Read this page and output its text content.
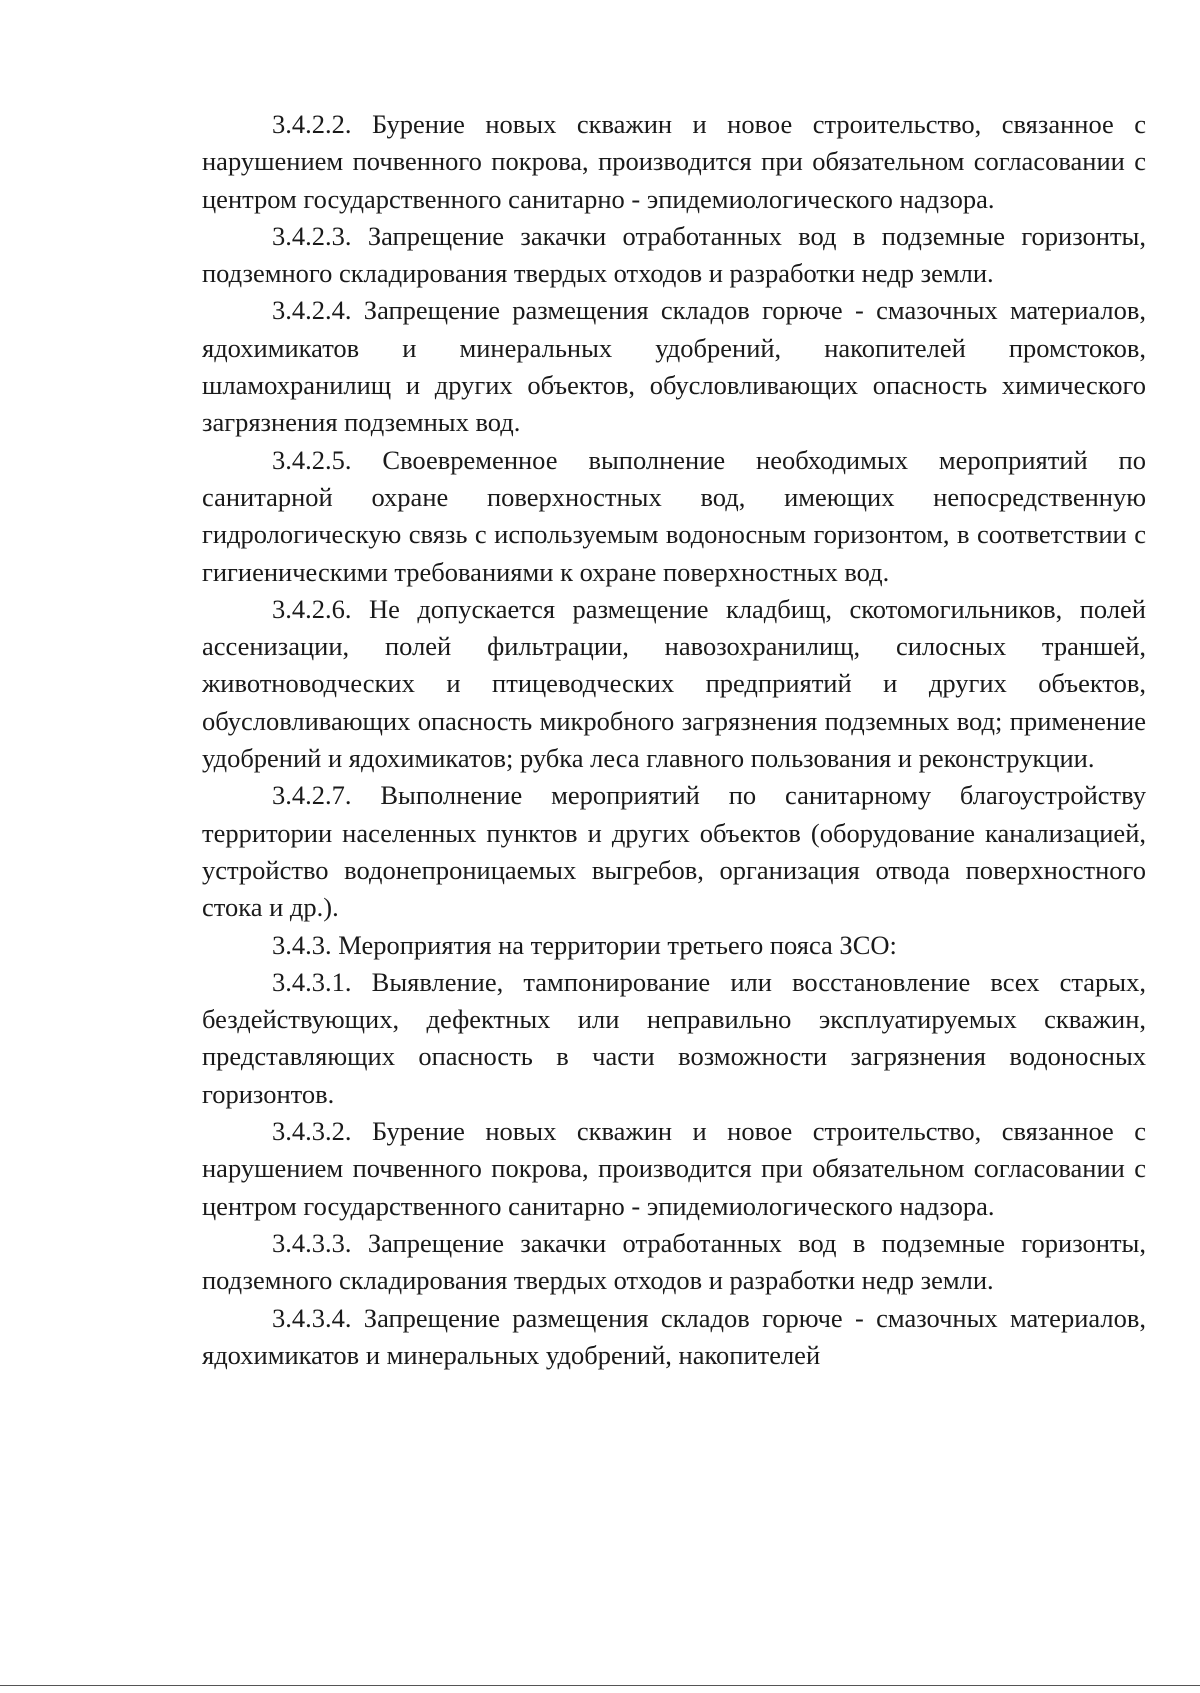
3.4.2.2. Бурение новых скважин и новое строительство, связанное с нарушением почвенного покрова, производится при обязательном согласовании с центром государственного санитарно - эпидемиологического надзора.

3.4.2.3. Запрещение закачки отработанных вод в подземные горизонты, подземного складирования твердых отходов и разработки недр земли.

3.4.2.4. Запрещение размещения складов горюче - смазочных материалов, ядохимикатов и минеральных удобрений, накопителей промстоков, шламохранилищ и других объектов, обусловливающих опасность химического загрязнения подземных вод.

3.4.2.5. Своевременное выполнение необходимых мероприятий по санитарной охране поверхностных вод, имеющих непосредственную гидрологическую связь с используемым водоносным горизонтом, в соответствии с гигиеническими требованиями к охране поверхностных вод.

3.4.2.6. Не допускается размещение кладбищ, скотомогильников, полей ассенизации, полей фильтрации, навозохранилищ, силосных траншей, животноводческих и птицеводческих предприятий и других объектов, обусловливающих опасность микробного загрязнения подземных вод; применение удобрений и ядохимикатов; рубка леса главного пользования и реконструкции.

3.4.2.7. Выполнение мероприятий по санитарному благоустройству территории населенных пунктов и других объектов (оборудование канализацией, устройство водонепроницаемых выгребов, организация отвода поверхностного стока и др.).

3.4.3. Мероприятия на территории третьего пояса ЗСО:

3.4.3.1. Выявление, тампонирование или восстановление всех старых, бездействующих, дефектных или неправильно эксплуатируемых скважин, представляющих опасность в части возможности загрязнения водоносных горизонтов.

3.4.3.2. Бурение новых скважин и новое строительство, связанное с нарушением почвенного покрова, производится при обязательном согласовании с центром государственного санитарно - эпидемиологического надзора.

3.4.3.3. Запрещение закачки отработанных вод в подземные горизонты, подземного складирования твердых отходов и разработки недр земли.

3.4.3.4. Запрещение размещения складов горюче - смазочных материалов, ядохимикатов и минеральных удобрений, накопителей
